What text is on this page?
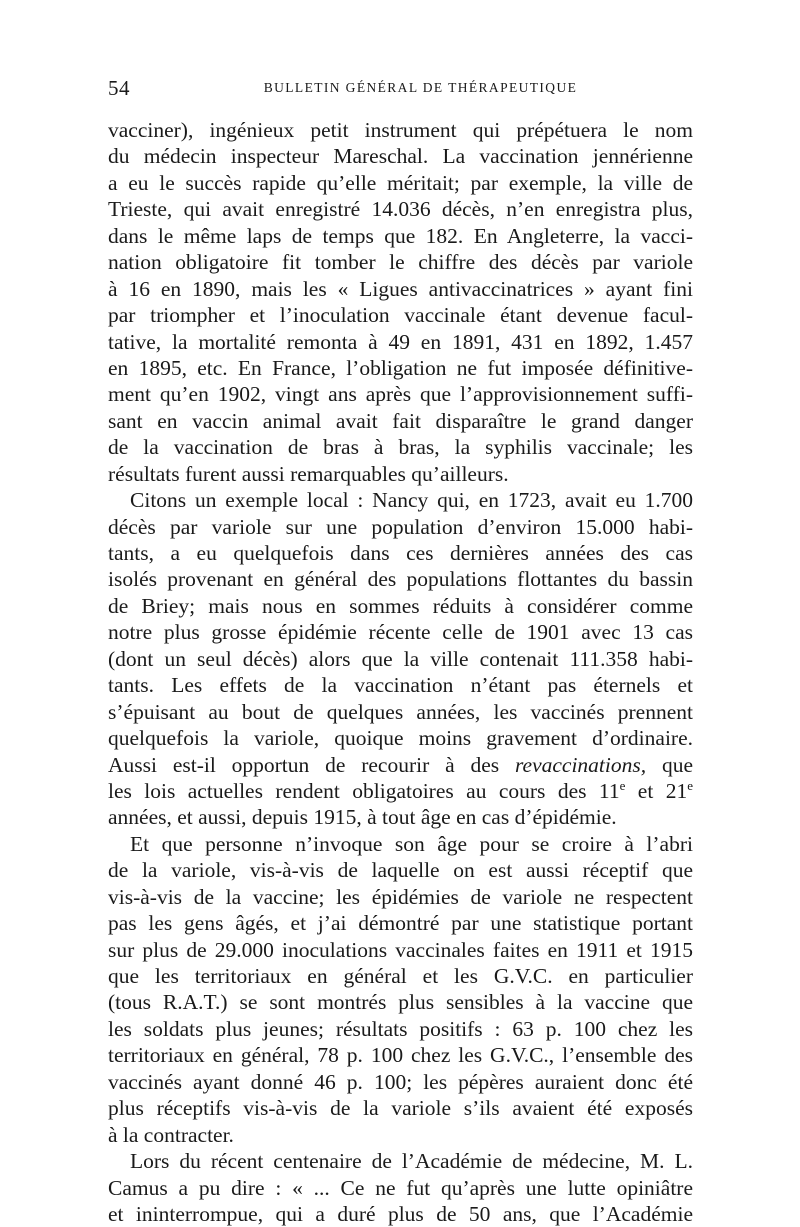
54	BULLETIN GÉNÉRAL DE THÉRAPEUTIQUE
vacciner), ingénieux petit instrument qui prépétuera le nom
du médecin inspecteur Mareschal. La vaccination jennérienne
a eu le succès rapide qu’elle méritait; par exemple, la ville de
Trieste, qui avait enregistré 14.036 décès, n’en enregistra plus,
dans le même laps de temps que 182. En Angleterre, la vacci-
nation obligatoire fit tomber le chiffre des décès par variole
à 16 en 1890, mais les « Ligues antivaccinatrices » ayant fini
par triompher et l’inoculation vaccinale étant devenue facul-
tative, la mortalité remonta à 49 en 1891, 431 en 1892, 1.457
en 1895, etc. En France, l’obligation ne fut imposée définitive-
ment qu’en 1902, vingt ans après que l’approvisionnement suffi-
sant en vaccin animal avait fait disparaître le grand danger
de la vaccination de bras à bras, la syphilis vaccinale; les
résultats furent aussi remarquables qu’ailleurs.
Citons un exemple local : Nancy qui, en 1723, avait eu 1.700
décès par variole sur une population d’environ 15.000 habi-
tants, a eu quelquefois dans ces dernières années des cas
isolés provenant en général des populations flottantes du bassin
de Briey; mais nous en sommes réduits à considérer comme
notre plus grosse épidémie récente celle de 1901 avec 13 cas
(dont un seul décès) alors que la ville contenait 111.358 habi-
tants. Les effets de la vaccination n’étant pas éternels et
s’épuisant au bout de quelques années, les vaccinés prennent
quelquefois la variole, quoique moins gravement d’ordinaire.
Aussi est-il opportun de recourir à des revaccinations, que
les lois actuelles rendent obligatoires au cours des 11e et 21e
années, et aussi, depuis 1915, à tout âge en cas d’épidémie.
Et que personne n’invoque son âge pour se croire à l’abri
de la variole, vis-à-vis de laquelle on est aussi réceptif que
vis-à-vis de la vaccine; les épidémies de variole ne respectent
pas les gens âgés, et j’ai démontré par une statistique portant
sur plus de 29.000 inoculations vaccinales faites en 1911 et 1915
que les territoriaux en général et les G.V.C. en particulier
(tous R.A.T.) se sont montrés plus sensibles à la vaccine que
les soldats plus jeunes; résultats positifs : 63 p. 100 chez les
territoriaux en général, 78 p. 100 chez les G.V.C., l’ensemble des
vaccinés ayant donné 46 p. 100; les pépères auraient donc été
plus réceptifs vis-à-vis de la variole s’ils avaient été exposés
à la contracter.
Lors du récent centenaire de l’Académie de médecine, M. L.
Camus a pu dire : « ... Ce ne fut qu’après une lutte opiniâtre
et ininterrompue, qui a duré plus de 50 ans, que l’Académie
